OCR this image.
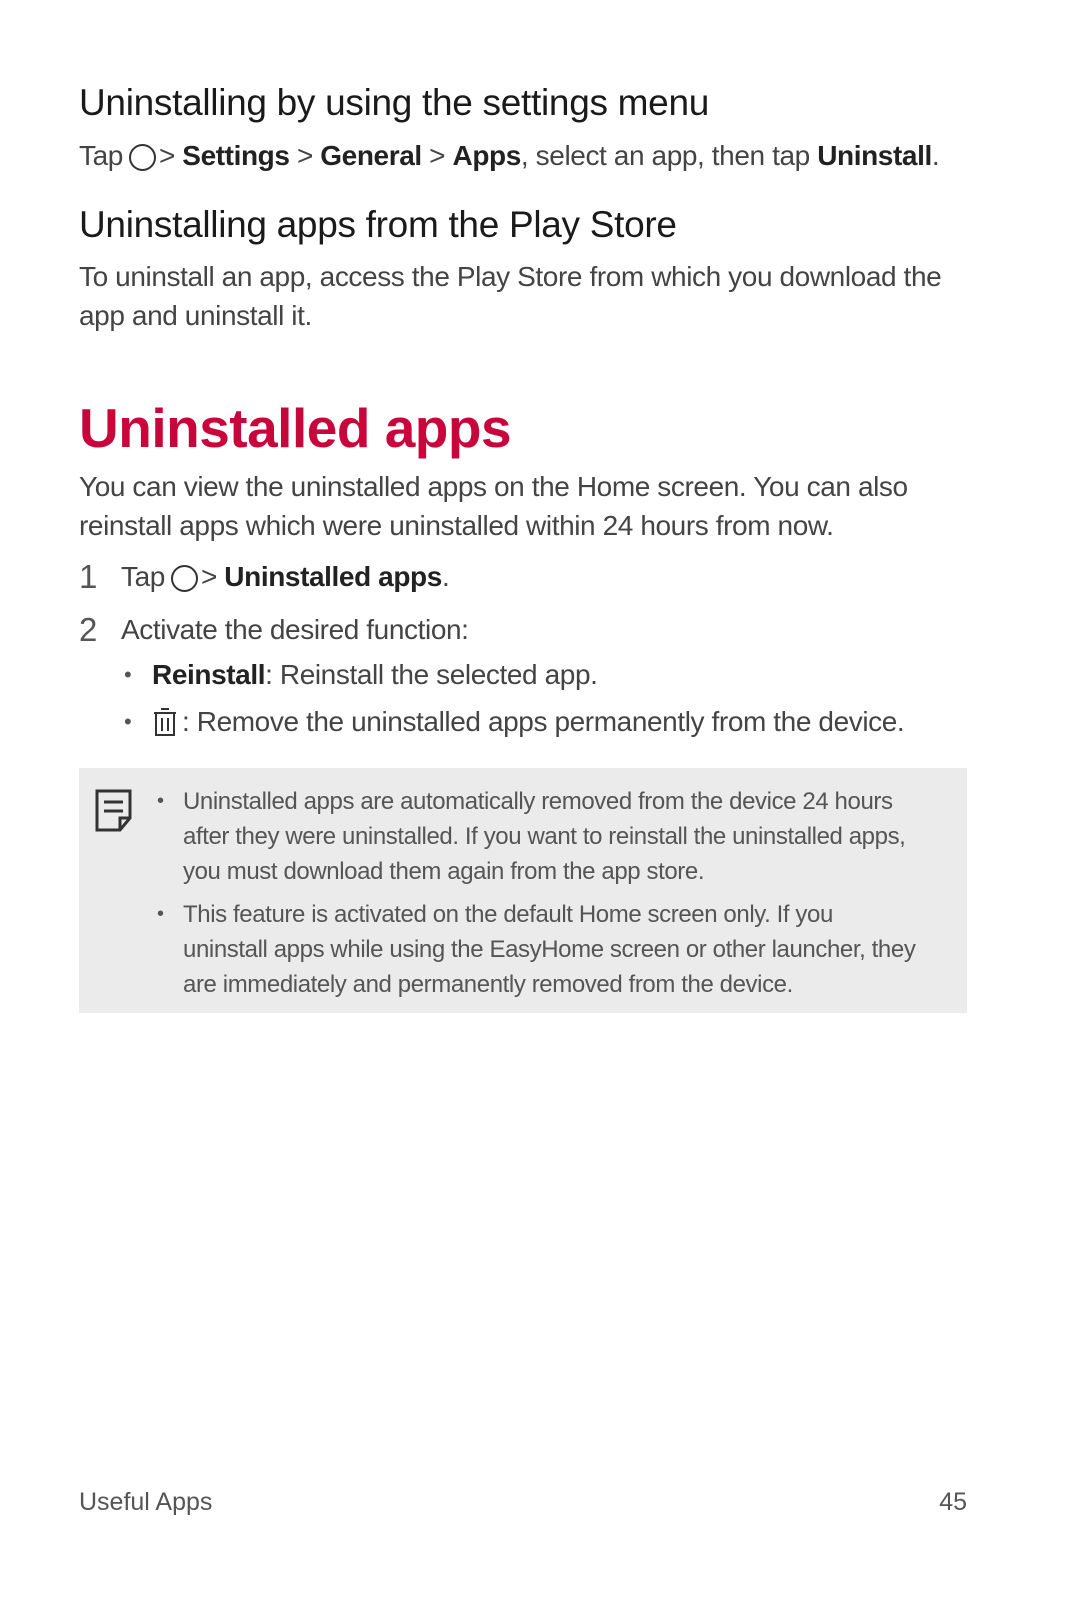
Uninstalling by using the settings menu

Tap > Settings > General > Apps, select an app, then tap Uninstall.

Uninstalling apps from the Play Store

To uninstall an app, access the Play Store from which you download the

app and uninstall it.

Uninstalled apps

You can view the uninstalled apps on the Home screen. You can also

reinstall apps which were uninstalled within 24 hours from now.

1 Tap > Uninstalled apps.
2 Activate the desired function:
• Reinstall: Reinstall the selected app.
•	: Remove the uninstalled apps permanently from the device.
• Uninstalled apps are automatically removed from the device 24 hours

after they were uninstalled. If you want to reinstall the uninstalled apps,

you must download them again from the app store.

• This feature is activated on the default Home screen only. If you

uninstall apps while using the EasyHome screen or other launcher, they

are immediately and permanently removed from the device.

Useful Apps	45
